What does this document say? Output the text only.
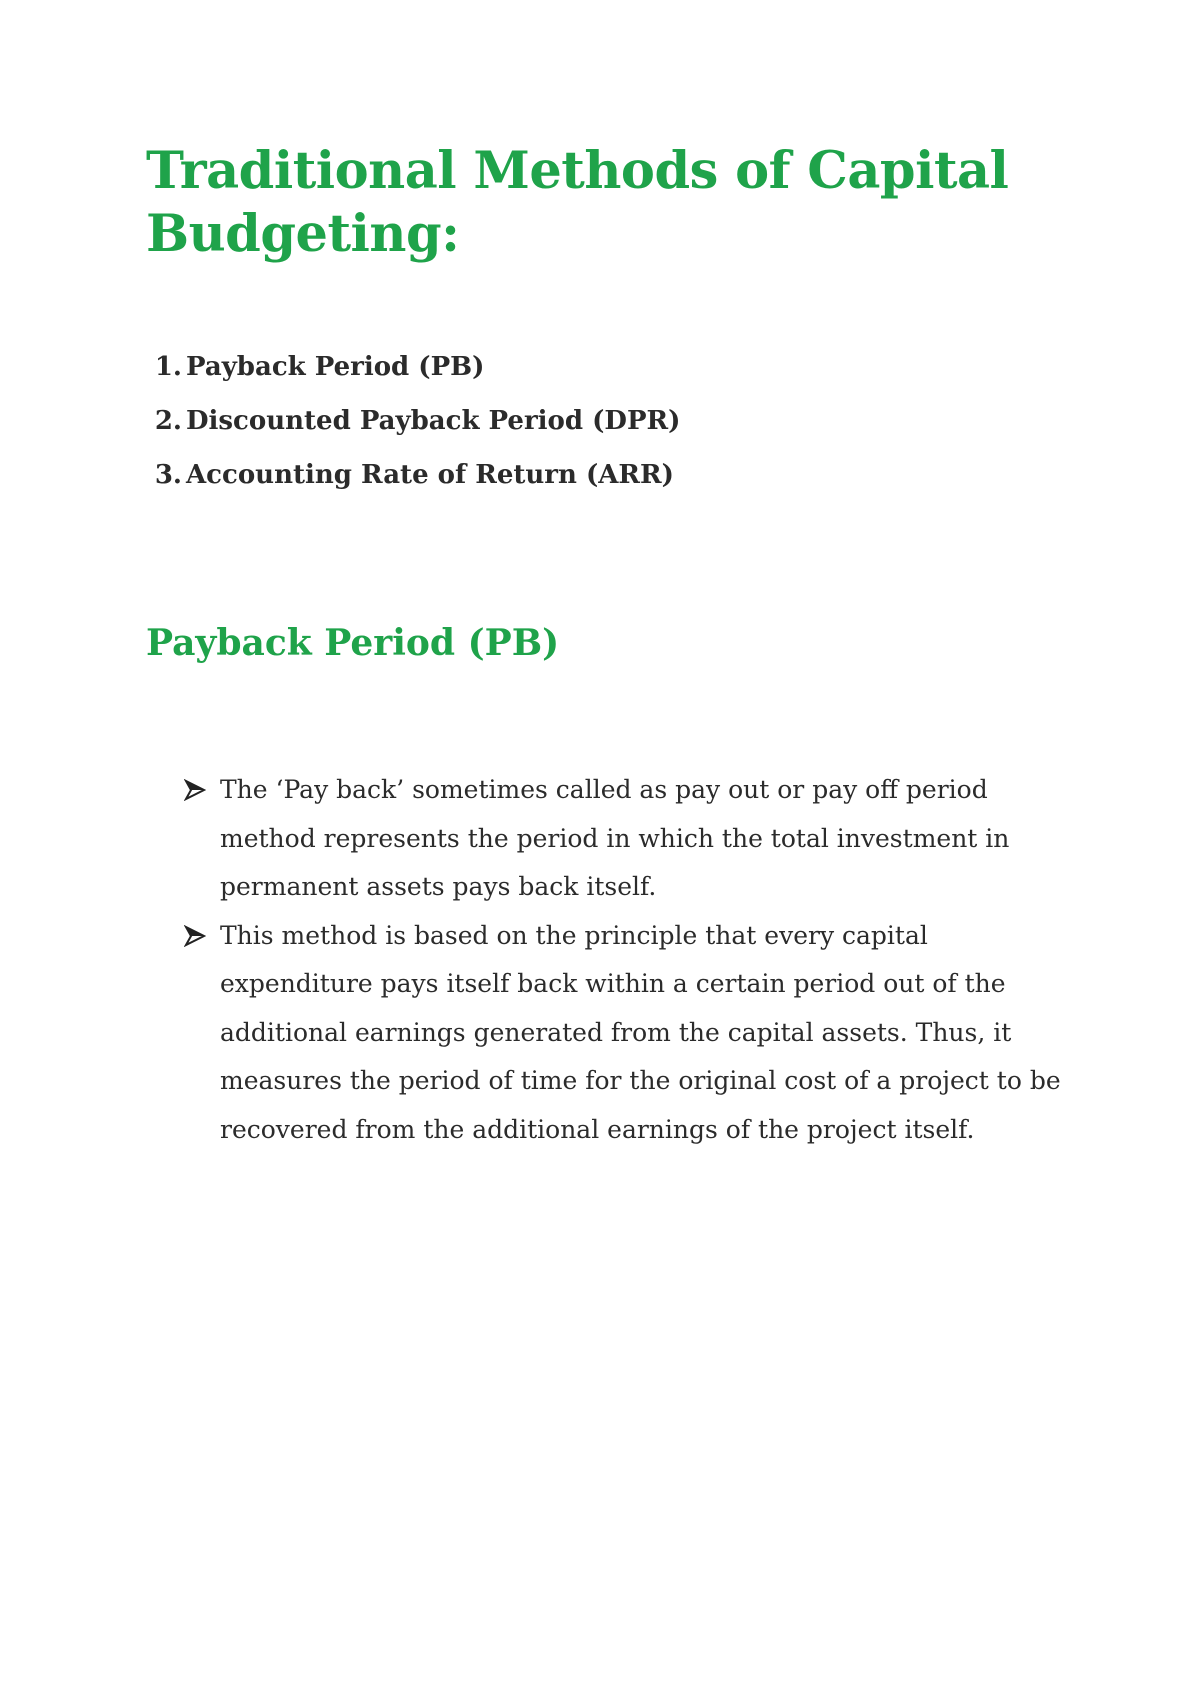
Traditional Methods of Capital Budgeting:
1. Payback Period (PB)
2. Discounted Payback Period (DPR)
3. Accounting Rate of Return (ARR)
Payback Period (PB)
The ‘Pay back’ sometimes called as pay out or pay off period method represents the period in which the total investment in permanent assets pays back itself.
This method is based on the principle that every capital expenditure pays itself back within a certain period out of the additional earnings generated from the capital assets. Thus, it measures the period of time for the original cost of a project to be recovered from the additional earnings of the project itself.
